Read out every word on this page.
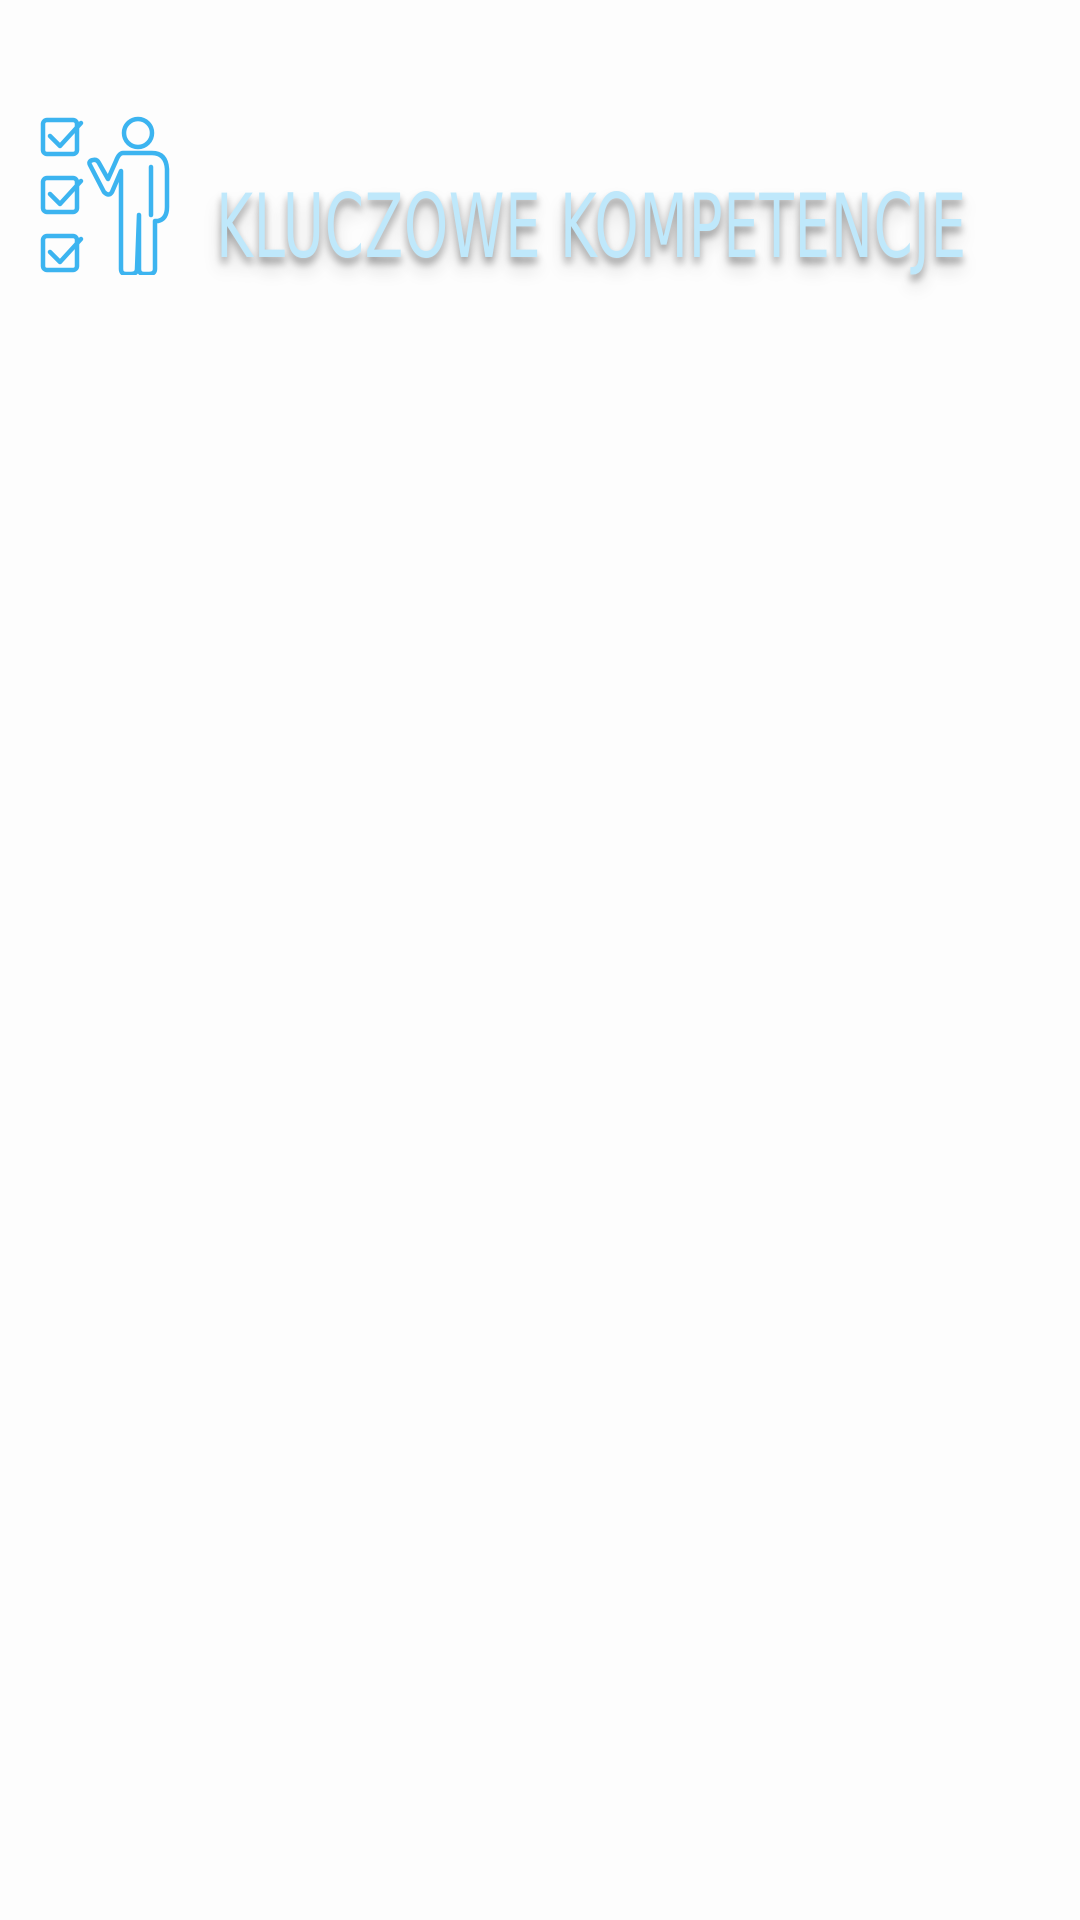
KLUCZOWE KOMPETENCJE
